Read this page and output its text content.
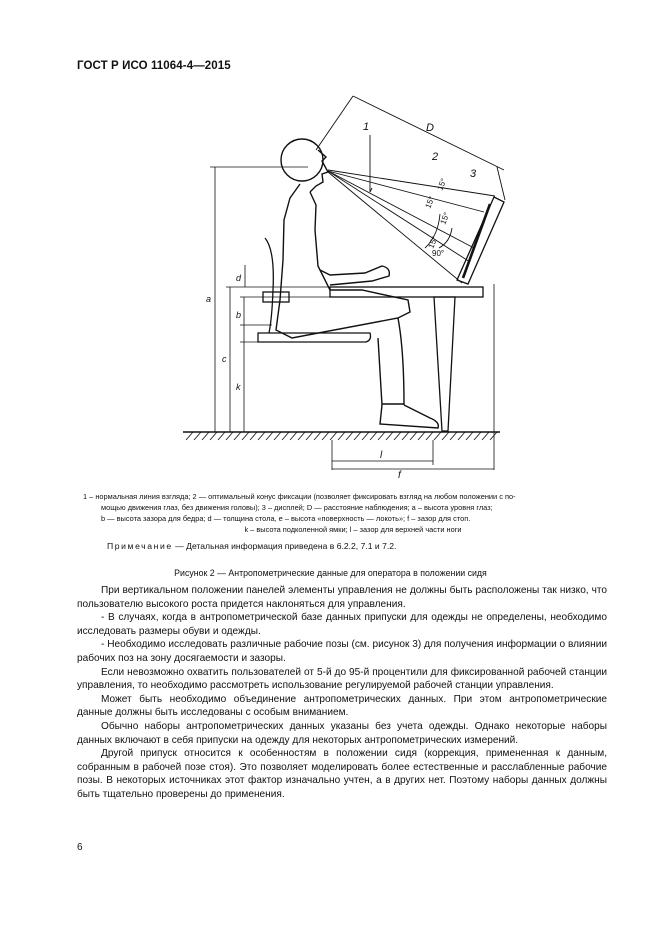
ГОСТ Р ИСО 11064-4—2015
1
2
3
D
a
c
d
b
k
l
f
15°
15°
15°
15°
90°
1 – нормальная линия взгляда; 2 — оптимальный конус фиксации (позволяет фиксировать взгляд на любом положении с по-
мощью движения глаз, без движения головы); 3 – дисплей; D — расстояние наблюдения; a – высота уровня глаз;
b — высота зазора для бедра; d — толщина стола, e – высота «поверхность — локоть»; f – зазор для стоп.
k – высота подколенной ямки; l – зазор для верхней части ноги
Примечание — Детальная информация приведена в 6.2.2, 7.1 и 7.2.
Рисунок 2 — Антропометрические данные для оператора в положении сидя

При вертикальном положении панелей элементы управления не должны быть расположены так низко, что пользователю высокого роста придется наклоняться для управления.

- В случаях, когда в антропометрической базе данных припуски для одежды не определены, необходимо исследовать размеры обуви и одежды.

- Необходимо исследовать различные рабочие позы (см. рисунок 3) для получения информации о влиянии рабочих поз на зону досягаемости и зазоры.

Если невозможно охватить пользователей от 5-й до 95-й процентили для фиксированной рабочей станции управления, то необходимо рассмотреть использование регулируемой рабочей станции управления.

Может быть необходимо объединение антропометрических данных. При этом антропометрические данные должны быть исследованы с особым вниманием.

Обычно наборы антропометрических данных указаны без учета одежды. Однако некоторые наборы данных включают в себя припуски на одежду для некоторых антропометрических измерений.

Другой припуск относится к особенностям в положении сидя (коррекция, примененная к данным, собранным в рабочей позе стоя). Это позволяет моделировать более естественные и расслабленные рабочие позы. В некоторых источниках этот фактор изначально учтен, а в других нет. Поэтому наборы данных должны быть тщательно проверены до применения.

6
